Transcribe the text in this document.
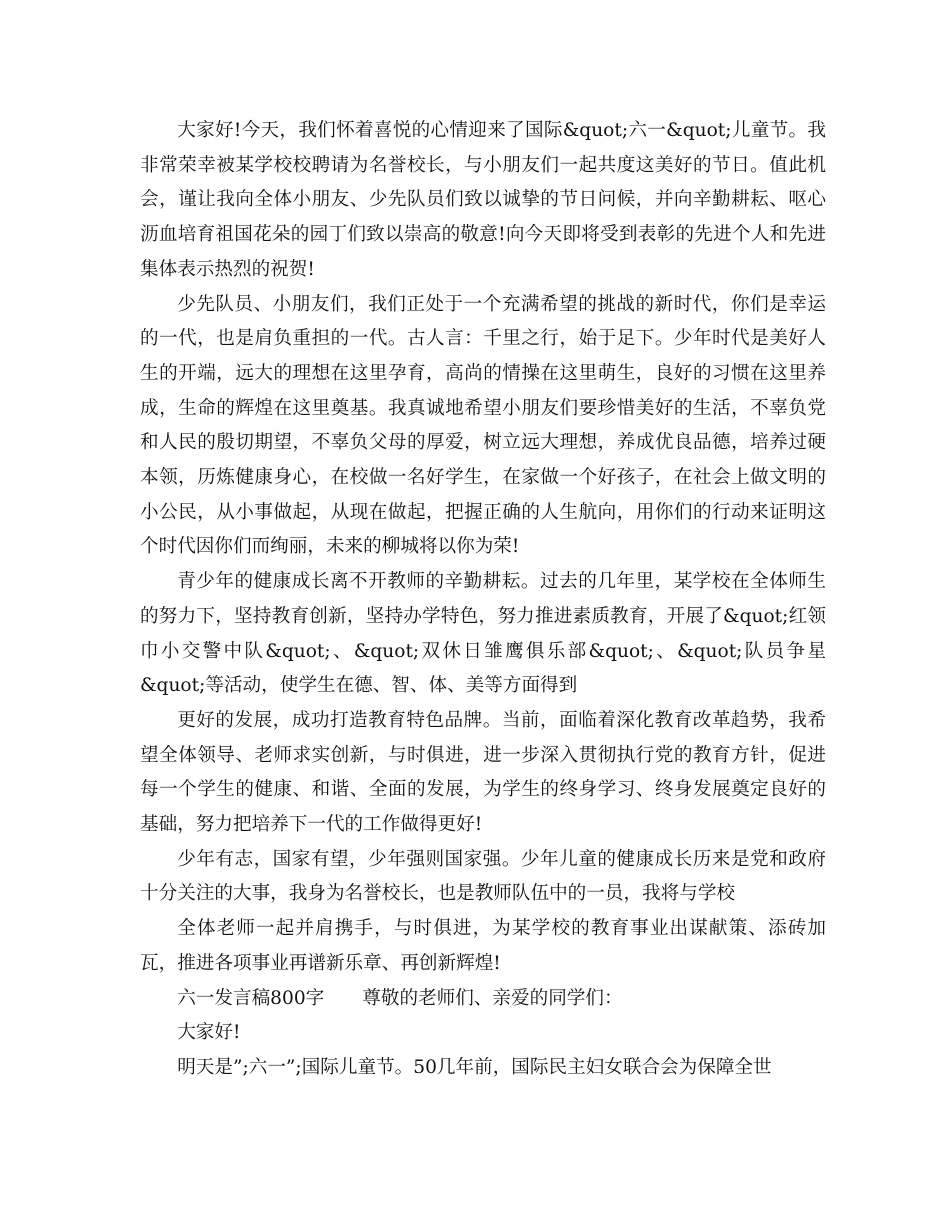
大家好!今天，我们怀着喜悦的心情迎来了国际&quot;六一&quot;儿童节。我非常荣幸被某学校校聘请为名誉校长，与小朋友们一起共度这美好的节日。值此机会，谨让我向全体小朋友、少先队员们致以诚挚的节日问候，并向辛勤耕耘、呕心沥血培育祖国花朵的园丁们致以崇高的敬意!向今天即将受到表彰的先进个人和先进集体表示热烈的祝贺!

少先队员、小朋友们，我们正处于一个充满希望的挑战的新时代，你们是幸运的一代，也是肩负重担的一代。古人言：千里之行，始于足下。少年时代是美好人生的开端，远大的理想在这里孕育，高尚的情操在这里萌生，良好的习惯在这里养成，生命的辉煌在这里奠基。我真诚地希望小朋友们要珍惜美好的生活，不辜负党和人民的殷切期望，不辜负父母的厚爱，树立远大理想，养成优良品德，培养过硬本领，历炼健康身心，在校做一名好学生，在家做一个好孩子，在社会上做文明的小公民，从小事做起，从现在做起，把握正确的人生航向，用你们的行动来证明这个时代因你们而绚丽，未来的柳城将以你为荣!

青少年的健康成长离不开教师的辛勤耕耘。过去的几年里，某学校在全体师生的努力下，坚持教育创新，坚持办学特色，努力推进素质教育，开展了&quot;红领巾小交警中队&quot;、&quot;双休日雏鹰俱乐部&quot;、&quot;队员争星&quot;等活动，使学生在德、智、体、美等方面得到

更好的发展，成功打造教育特色品牌。当前，面临着深化教育改革趋势，我希望全体领导、老师求实创新，与时俱进，进一步深入贯彻执行党的教育方针，促进每一个学生的健康、和谐、全面的发展，为学生的终身学习、终身发展奠定良好的基础，努力把培养下一代的工作做得更好!

少年有志，国家有望，少年强则国家强。少年儿童的健康成长历来是党和政府十分关注的大事，我身为名誉校长，也是教师队伍中的一员，我将与学校

全体老师一起并肩携手，与时俱进，为某学校的教育事业出谋献策、添砖加瓦，推进各项事业再谱新乐章、再创新辉煌!

六一发言稿800字 尊敬的老师们、亲爱的同学们：

大家好!

明天是”;六一”;国际儿童节。50几年前，国际民主妇女联合会为保障全世
